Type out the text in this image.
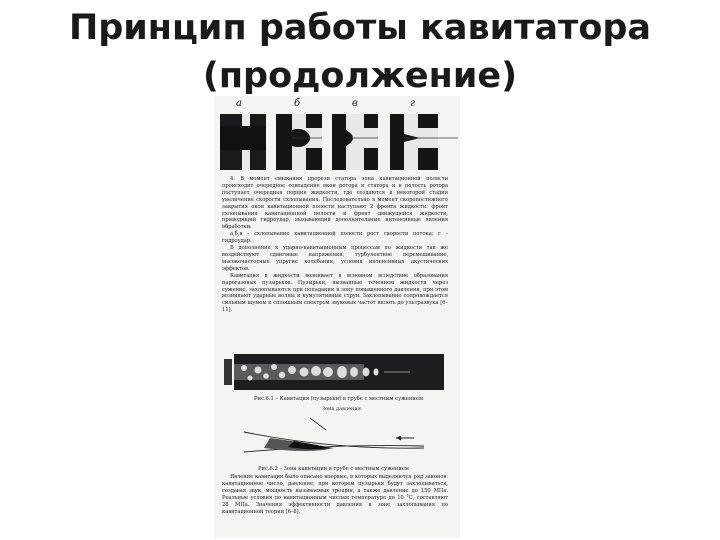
Принцип работы кавитатора
(продолжение)
а	б	в	г

4. В момент смыкания прорези статора зона кавитационной полости происходит очередное совпадение окон ротора и статора и в полость ротора поступает очередная порция жидкости, где создаются в некоторой стадии увеличение скорости схлопывания. Последовательно в момент скоропостижного закрытия окон кавитационной полости наступают 2 фронта жидкости: фронт схлопывания кавитационной полости и фронт движущейся жидкости, приводящий гидроудар, вызывающий дополнительные интенсивные явления обработки.

а,б,в – схлопывание кавитационной полости рост скорости потока; г – гидроудар.

В дополнение к ударно-кавитационным процессам по жидкости так же воздействуют сдвиговые напряжения, турбулентное перемешивание, высокочастотные упругие колебания, условия интенсивных акустических эффектов.

Кавитация в жидкости возникает в основном вследствие образования парогазовых пузырьков. Пузырьки, вызванные течением жидкости через сужение, захлопываются при попадании в зону повышенного давления, при этом возникают ударные волны и кумулятивные струи. Захлопывание сопровождается сильным шумом и сплошным спектром звуковых частот вплоть до ультразвука [6–11].

Рис.6.1 – Кавитация (пузырьки) в трубе с местным сужением
Зона давления
Рис.6.2 – Зона кавитации в трубе с местным сужением

Явление кавитации было описано впервые, в которых выделяются ряд законов: кавитационное число, давление, при котором пузырьки будут захлопываться, создавая звук, мощность вызываемых трещин, а также давление до 150 МПа. Реальные условия по кавитационным числам температуре до 10 °С, составляют 28 МПа. Значения эффективности давления в зоне захлопывания по кавитационной теории [6–8].
